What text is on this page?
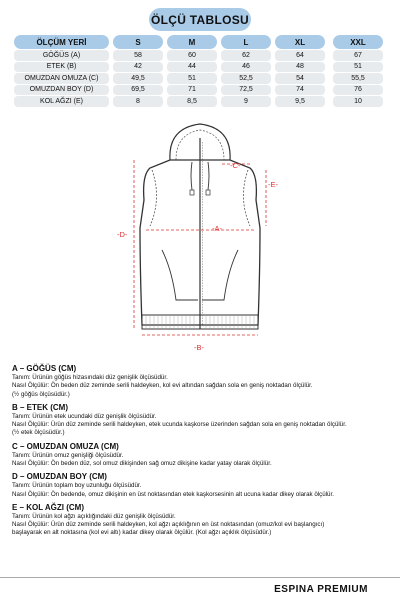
ÖLÇÜ TABLOSU
ÖLÇÜM YERİ	S	M	L	XL	XXL
GÖĞÜS (A)	58	60	62	64	67
ETEK (B)	42	44	46	48	51
OMUZDAN OMUZA (C)	49,5	51	52,5	54	55,5
OMUZDAN BOY (D)	69,5	71	72,5	74	76
KOL AĞZI (E)	8	8,5	9	9,5	10
-A-
-B-
-C-
-D-
-E-
A – GÖĞÜS (CM)
Tanım: Ürünün göğüs hizasındaki düz genişlik ölçüsüdür.
Nasıl Ölçülür: Ön beden düz zeminde serili haldeyken, kol evi altından sağdan sola en geniş noktadan ölçülür.
(½ göğüs ölçüsüdür.)
B – ETEK (CM)
Tanım: Ürünün etek ucundaki düz genişlik ölçüsüdür.
Nasıl Ölçülür: Ürün düz zeminde serili haldeyken, etek ucunda kaşkorse üzerinden sağdan sola en geniş noktadan ölçülür.
(½ etek ölçüsüdür.)
C – OMUZDAN OMUZA (CM)
Tanım: Ürünün omuz genişliği ölçüsüdür.
Nasıl Ölçülür: Ön beden düz, sol omuz dikişinden sağ omuz dikişine kadar yatay olarak ölçülür.
D – OMUZDAN BOY (CM)
Tanım: Ürünün toplam boy uzunluğu ölçüsüdür.
Nasıl Ölçülür: Ön bedende, omuz dikişinin en üst noktasından etek kaşkorsesinin alt ucuna kadar dikey olarak ölçülür.
E – KOL AĞZI (CM)
Tanım: Ürünün kol ağzı açıklığındaki düz genişlik ölçüsüdür.
Nasıl Ölçülür: Ürün düz zeminde serili haldeyken, kol ağzı açıklığının en üst noktasından (omuz/kol evi başlangıcı)
başlayarak en alt noktasına (kol evi altı) kadar dikey olarak ölçülür. (Kol ağzı açıklık ölçüsüdür.)
ESPINA PREMIUM
